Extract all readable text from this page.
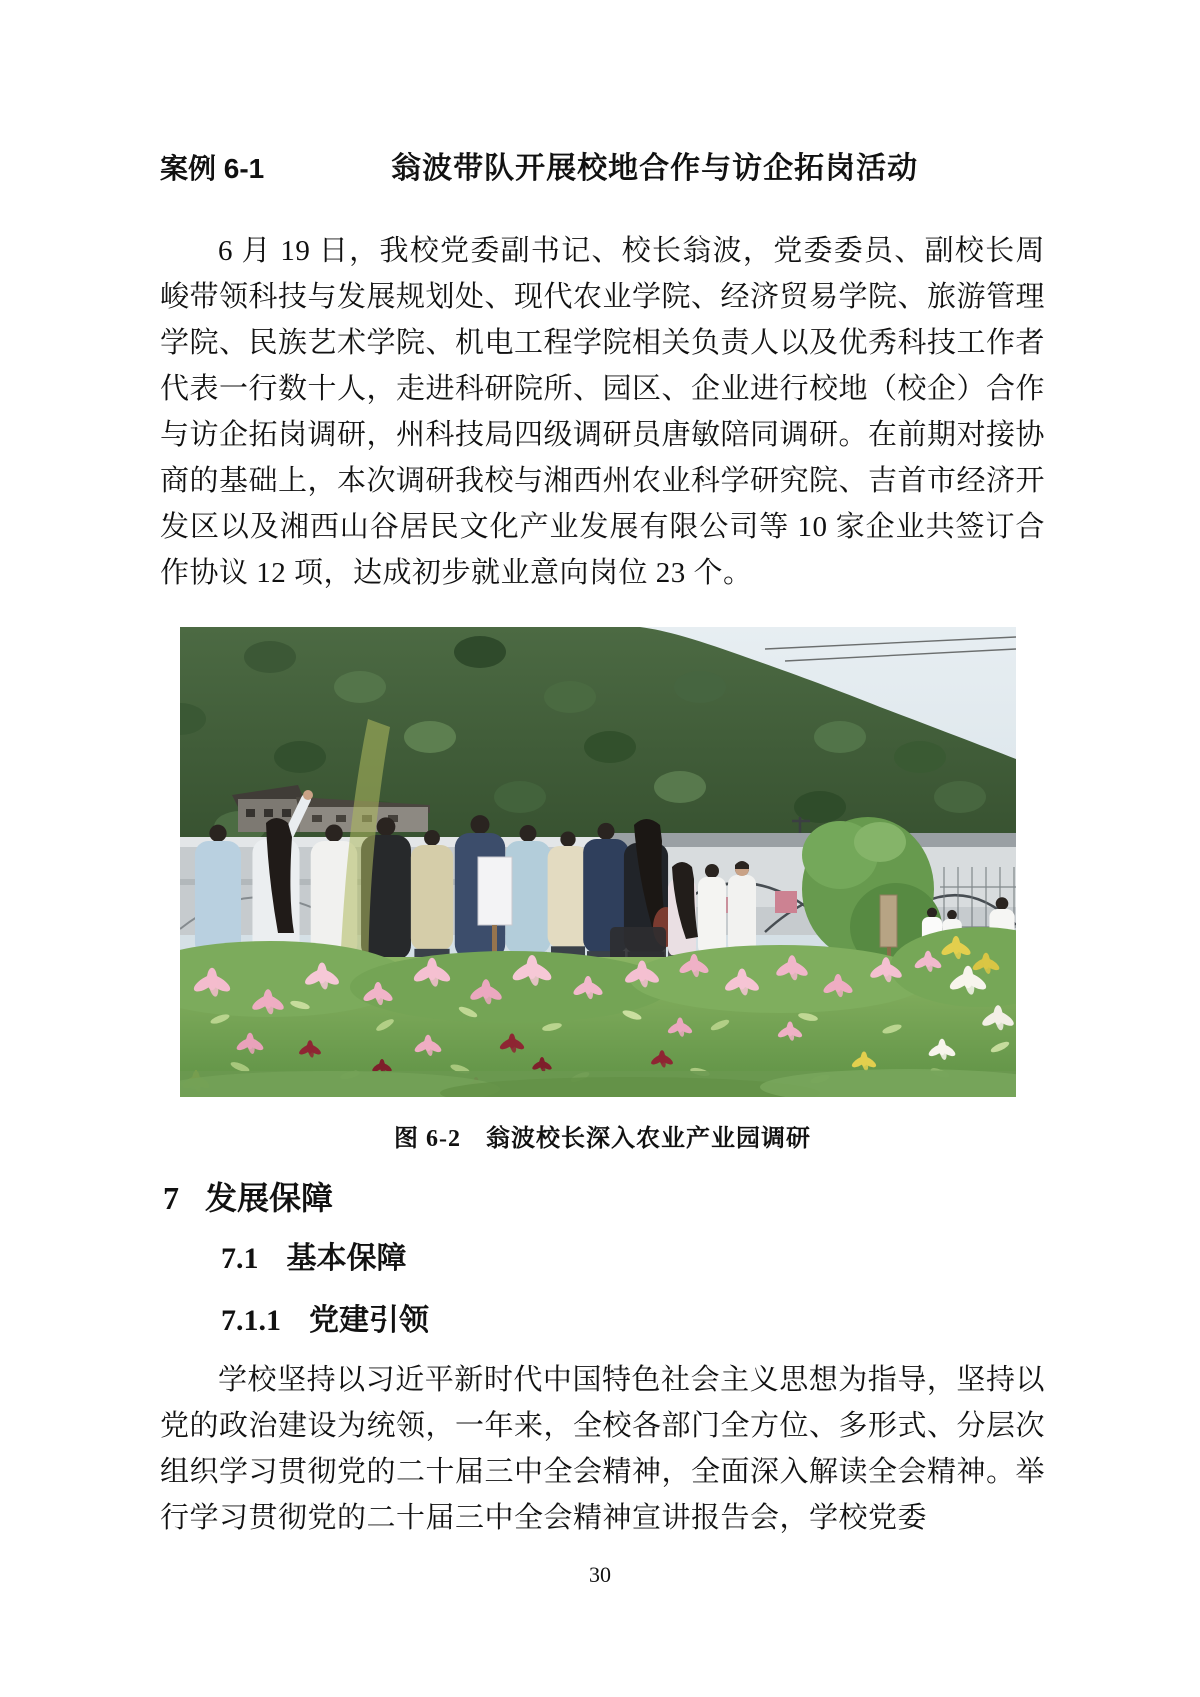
案例 6-1	翁波带队开展校地合作与访企拓岗活动

6 月 19 日，我校党委副书记、校长翁波，党委委员、副校长周峻带领科技与发展规划处、现代农业学院、经济贸易学院、旅游管理学院、民族艺术学院、机电工程学院相关负责人以及优秀科技工作者代表一行数十人，走进科研院所、园区、企业进行校地（校企）合作与访企拓岗调研，州科技局四级调研员唐敏陪同调研。在前期对接协商的基础上，本次调研我校与湘西州农业科学研究院、吉首市经济开发区以及湘西山谷居民文化产业发展有限公司等 10 家企业共签订合作协议 12 项，达成初步就业意向岗位 23 个。

图 6-2　翁波校长深入农业产业园调研
7 发展保障
7.1 基本保障
7.1.1 党建引领

学校坚持以习近平新时代中国特色社会主义思想为指导，坚持以党的政治建设为统领，一年来，全校各部门全方位、多形式、分层次组织学习贯彻党的二十届三中全会精神，全面深入解读全会精神。举行学习贯彻党的二十届三中全会精神宣讲报告会，学校党委

30
